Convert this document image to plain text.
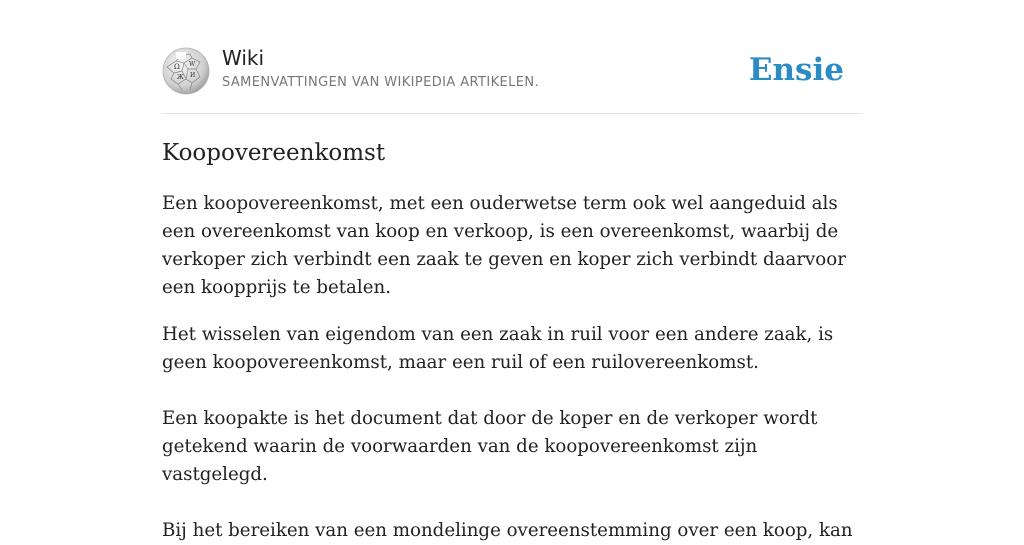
Ω W
Ж И
Wiki
SAMENVATTINGEN VAN WIKIPEDIA ARTIKELEN.	Ensie
Koopovereenkomst

Een koopovereenkomst, met een ouderwetse term ook wel aangeduid als een overeenkomst van koop en verkoop, is een overeenkomst, waarbij de verkoper zich verbindt een zaak te geven en koper zich verbindt daarvoor een koopprijs te betalen.

Het wisselen van eigendom van een zaak in ruil voor een andere zaak, is geen koopovereenkomst, maar een ruil of een ruilovereenkomst.

Een koopakte is het document dat door de koper en de verkoper wordt getekend waarin de voorwaarden van de koopovereenkomst zijn vastgelegd.

Bij het bereiken van een mondelinge overeenstemming over een koop, kan
